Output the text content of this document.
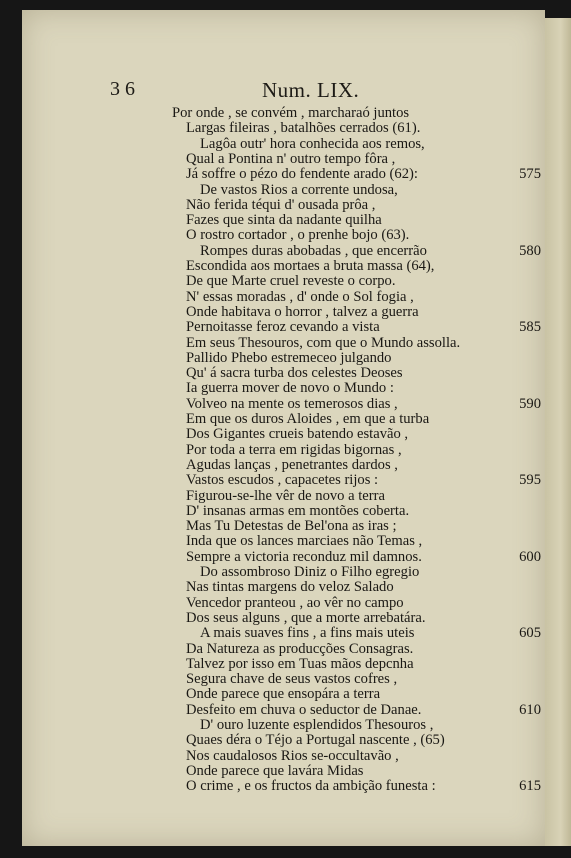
3 6	Num. LIX.
Por onde , se convém , marcharaó juntos
Largas fileiras , batalhões cerrados (61).
Lagôa outr' hora conhecida aos remos,
Qual a Pontina n' outro tempo fôra ,
Já soffre o pézo do fendente arado (62):	575
De vastos Rios a corrente undosa,
Não ferida téqui d' ousada prôa ,
Fazes que sinta da nadante quilha
O rostro cortador , o prenhe bojo (63).
Rompes duras abobadas , que encerrão	580
Escondida aos mortaes a bruta massa (64),
De que Marte cruel reveste o corpo.
N' essas moradas , d' onde o Sol fogia ,
Onde habitava o horror , talvez a guerra
Pernoitasse feroz cevando a vista	585
Em seus Thesouros, com que o Mundo assolla.
Pallido Phebo estremeceo julgando
Qu' á sacra turba dos celestes Deoses
Ia guerra mover de novo o Mundo :
Volveo na mente os temerosos dias ,	590
Em que os duros Aloides , em que a turba
Dos Gigantes crueis batendo estavão ,
Por toda a terra em rigidas bigornas ,
Agudas lanças , penetrantes dardos ,
Vastos escudos , capacetes rijos :	595
Figurou-se-lhe vêr de novo a terra
D' insanas armas em montões coberta.
Mas Tu Detestas de Bel'ona as iras ;
Inda que os lances marciaes não Temas ,
Sempre a victoria reconduz mil damnos.	600
Do assombroso Diniz o Filho egregio
Nas tintas margens do veloz Salado
Vencedor pranteou , ao vêr no campo
Dos seus alguns , que a morte arrebatára.
A mais suaves fins , a fins mais uteis	605
Da Natureza as producções Consagras.
Talvez por isso em Tuas mãos depcnha
Segura chave de seus vastos cofres ,
Onde parece que ensopára a terra
Desfeito em chuva o seductor de Danae.	610
D' ouro luzente esplendidos Thesouros ,
Quaes déra o Téjo a Portugal nascente , (65)
Nos caudalosos Rios se-occultavão ,
Onde parece que lavára Midas
O crime , e os fructos da ambição funesta :	615
